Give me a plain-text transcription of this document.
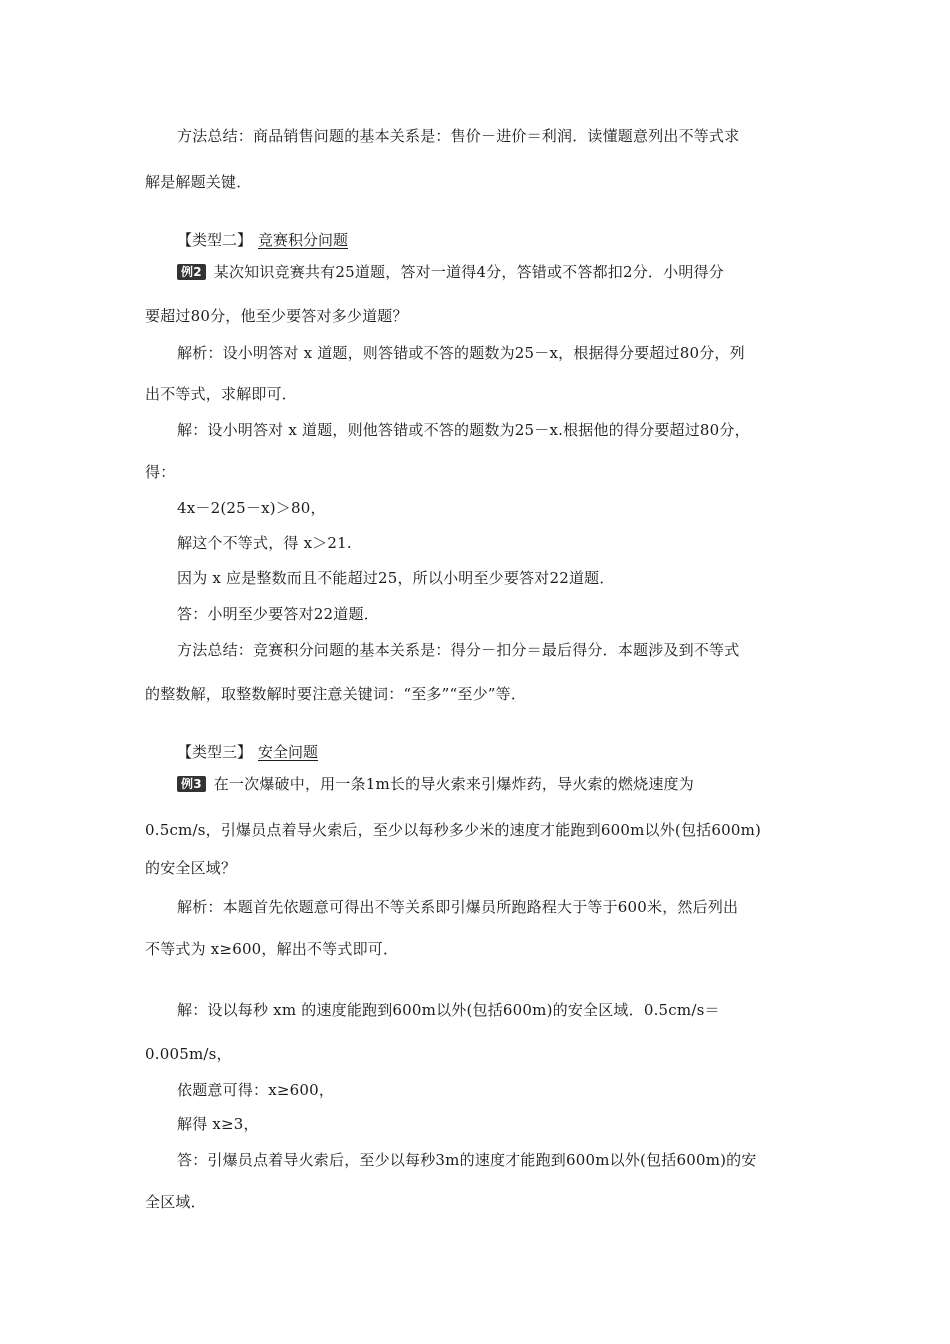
方法总结：商品销售问题的基本关系是：售价－进价＝利润．读懂题意列出不等式求
解是解题关键．
【类型二】 竞赛积分问题
例2 某次知识竞赛共有25道题，答对一道得4分，答错或不答都扣2分．小明得分
要超过80分，他至少要答对多少道题？
解析：设小明答对 x 道题，则答错或不答的题数为25－x，根据得分要超过80分，列
出不等式，求解即可．
解：设小明答对 x 道题，则他答错或不答的题数为25－x.根据他的得分要超过80分，
得：
4x－2(25－x)＞80，
解这个不等式，得 x＞21.
因为 x 应是整数而且不能超过25，所以小明至少要答对22道题．
答：小明至少要答对22道题．
方法总结：竞赛积分问题的基本关系是：得分－扣分＝最后得分．本题涉及到不等式
的整数解，取整数解时要注意关键词：“至多”“至少”等．
【类型三】 安全问题
例3 在一次爆破中，用一条1m长的导火索来引爆炸药，导火索的燃烧速度为
0.5cm/s，引爆员点着导火索后，至少以每秒多少米的速度才能跑到600m以外(包括600m)
的安全区域？
解析：本题首先依题意可得出不等关系即引爆员所跑路程大于等于600米，然后列出
不等式为 x≥600，解出不等式即可．
解：设以每秒 xm 的速度能跑到600m以外(包括600m)的安全区域．0.5cm/s＝
0.005m/s，
依题意可得：x≥600，
解得 x≥3，
答：引爆员点着导火索后，至少以每秒3m的速度才能跑到600m以外(包括600m)的安
全区域．
